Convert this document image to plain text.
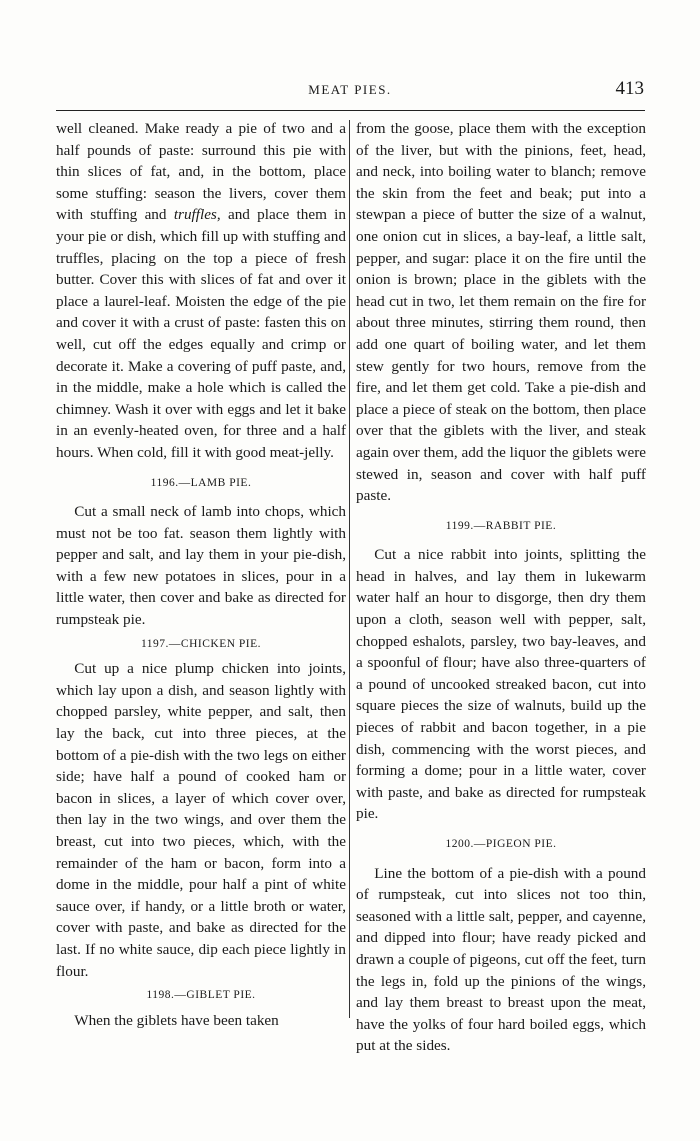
MEAT PIES.	413

well cleaned. Make ready a pie of two and a half pounds of paste: surround this pie with thin slices of fat, and, in the bottom, place some stuffing: season the livers, cover them with stuffing and truffles, and place them in your pie or dish, which fill up with stuffing and truffles, placing on the top a piece of fresh butter. Cover this with slices of fat and over it place a laurel-leaf. Moisten the edge of the pie and cover it with a crust of paste: fasten this on well, cut off the edges equally and crimp or decorate it. Make a covering of puff paste, and, in the middle, make a hole which is called the chimney. Wash it over with eggs and let it bake in an evenly-heated oven, for three and a half hours. When cold, fill it with good meat-jelly.

1196.—LAMB PIE.

Cut a small neck of lamb into chops, which must not be too fat. season them lightly with pepper and salt, and lay them in your pie-dish, with a few new potatoes in slices, pour in a little water, then cover and bake as directed for rumpsteak pie.

1197.—CHICKEN PIE.

Cut up a nice plump chicken into joints, which lay upon a dish, and season lightly with chopped parsley, white pepper, and salt, then lay the back, cut into three pieces, at the bottom of a pie-dish with the two legs on either side; have half a pound of cooked ham or bacon in slices, a layer of which cover over, then lay in the two wings, and over them the breast, cut into two pieces, which, with the remainder of the ham or bacon, form into a dome in the middle, pour half a pint of white sauce over, if handy, or a little broth or water, cover with paste, and bake as directed for the last. If no white sauce, dip each piece lightly in flour.

1198.—GIBLET PIE.

When the giblets have been taken

from the goose, place them with the exception of the liver, but with the pinions, feet, head, and neck, into boiling water to blanch; remove the skin from the feet and beak; put into a stewpan a piece of butter the size of a walnut, one onion cut in slices, a bay-leaf, a little salt, pepper, and sugar: place it on the fire until the onion is brown; place in the giblets with the head cut in two, let them remain on the fire for about three minutes, stirring them round, then add one quart of boiling water, and let them stew gently for two hours, remove from the fire, and let them get cold. Take a pie-dish and place a piece of steak on the bottom, then place over that the giblets with the liver, and steak again over them, add the liquor the giblets were stewed in, season and cover with half puff paste.

1199.—RABBIT PIE.

Cut a nice rabbit into joints, splitting the head in halves, and lay them in lukewarm water half an hour to disgorge, then dry them upon a cloth, season well with pepper, salt, chopped eshalots, parsley, two bay-leaves, and a spoonful of flour; have also three-quarters of a pound of uncooked streaked bacon, cut into square pieces the size of walnuts, build up the pieces of rabbit and bacon together, in a pie dish, commencing with the worst pieces, and forming a dome; pour in a little water, cover with paste, and bake as directed for rumpsteak pie.

1200.—PIGEON PIE.

Line the bottom of a pie-dish with a pound of rumpsteak, cut into slices not too thin, seasoned with a little salt, pepper, and cayenne, and dipped into flour; have ready picked and drawn a couple of pigeons, cut off the feet, turn the legs in, fold up the pinions of the wings, and lay them breast to breast upon the meat, have the yolks of four hard boiled eggs, which put at the sides.
